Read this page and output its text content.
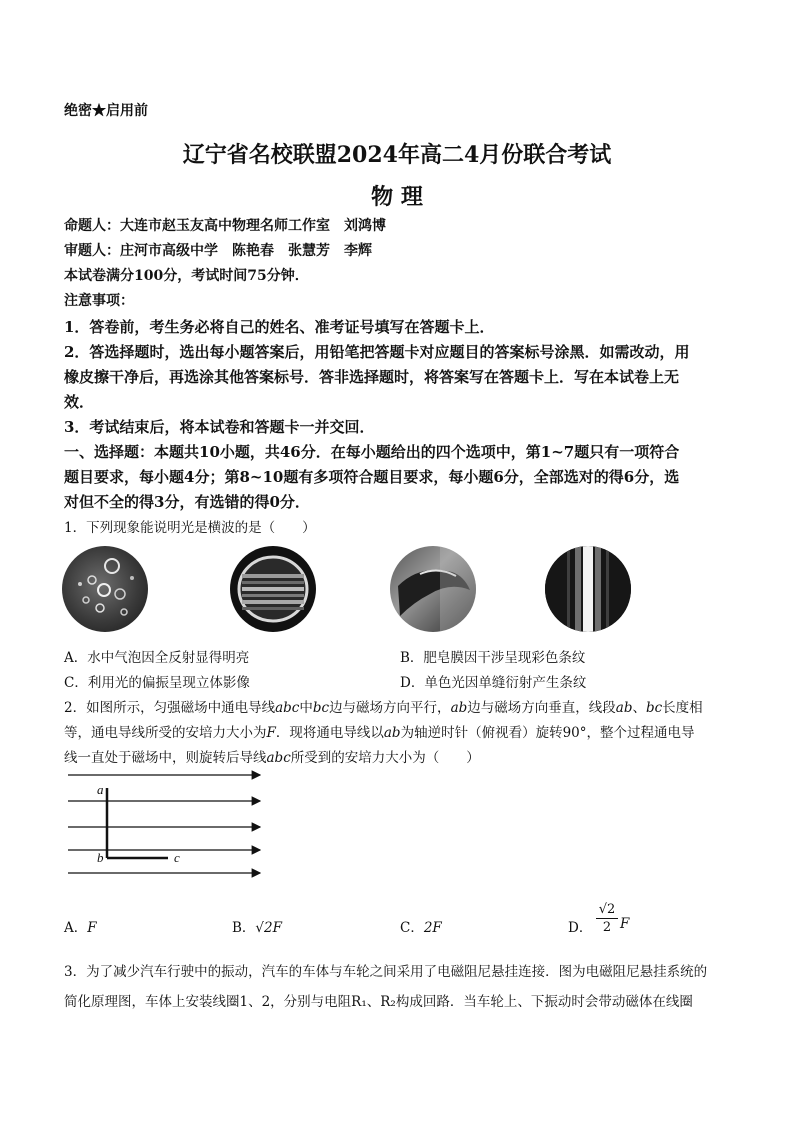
绝密★启用前
辽宁省名校联盟2024年高二4月份联合考试
物 理
命题人：大连市赵玉友高中物理名师工作室　刘鸿博
审题人：庄河市高级中学　陈艳春　张慧芳　李辉
本试卷满分100分，考试时间75分钟．
注意事项：
1．答卷前，考生务必将自己的姓名、准考证号填写在答题卡上．
2．答选择题时，选出每小题答案后，用铅笔把答题卡对应题目的答案标号涂黑．如需改动，用
橡皮擦干净后，再选涂其他答案标号．答非选择题时，将答案写在答题卡上．写在本试卷上无
效．
3．考试结束后，将本试卷和答题卡一并交回．
一、选择题：本题共10小题，共46分．在每小题给出的四个选项中，第1~7题只有一项符合
题目要求，每小题4分；第8~10题有多项符合题目要求，每小题6分，全部选对的得6分，选
对但不全的得3分，有选错的得0分．
1．下列现象能说明光是横波的是（　　）
A．水中气泡因全反射显得明亮	B．肥皂膜因干涉呈现彩色条纹
C．利用光的偏振呈现立体影像	D．单色光因单缝衍射产生条纹
2．如图所示，匀强磁场中通电导线abc中bc边与磁场方向平行，ab边与磁场方向垂直，线段ab、bc长度相
等，通电导线所受的安培力大小为F．现将通电导线以ab为轴逆时针（俯视看）旋转90°，整个过程通电导
线一直处于磁场中，则旋转后导线abc所受到的安培力大小为（　　）
a
b	c
A．F	B．√2F	C．2F	D． $\frac{√2}{2}$ F
3．为了减少汽车行驶中的振动，汽车的车体与车轮之间采用了电磁阻尼悬挂连接．图为电磁阻尼悬挂系统的
简化原理图，车体上安装线圈1、2，分别与电阻R₁、R₂构成回路．当车轮上、下振动时会带动磁体在线圈
